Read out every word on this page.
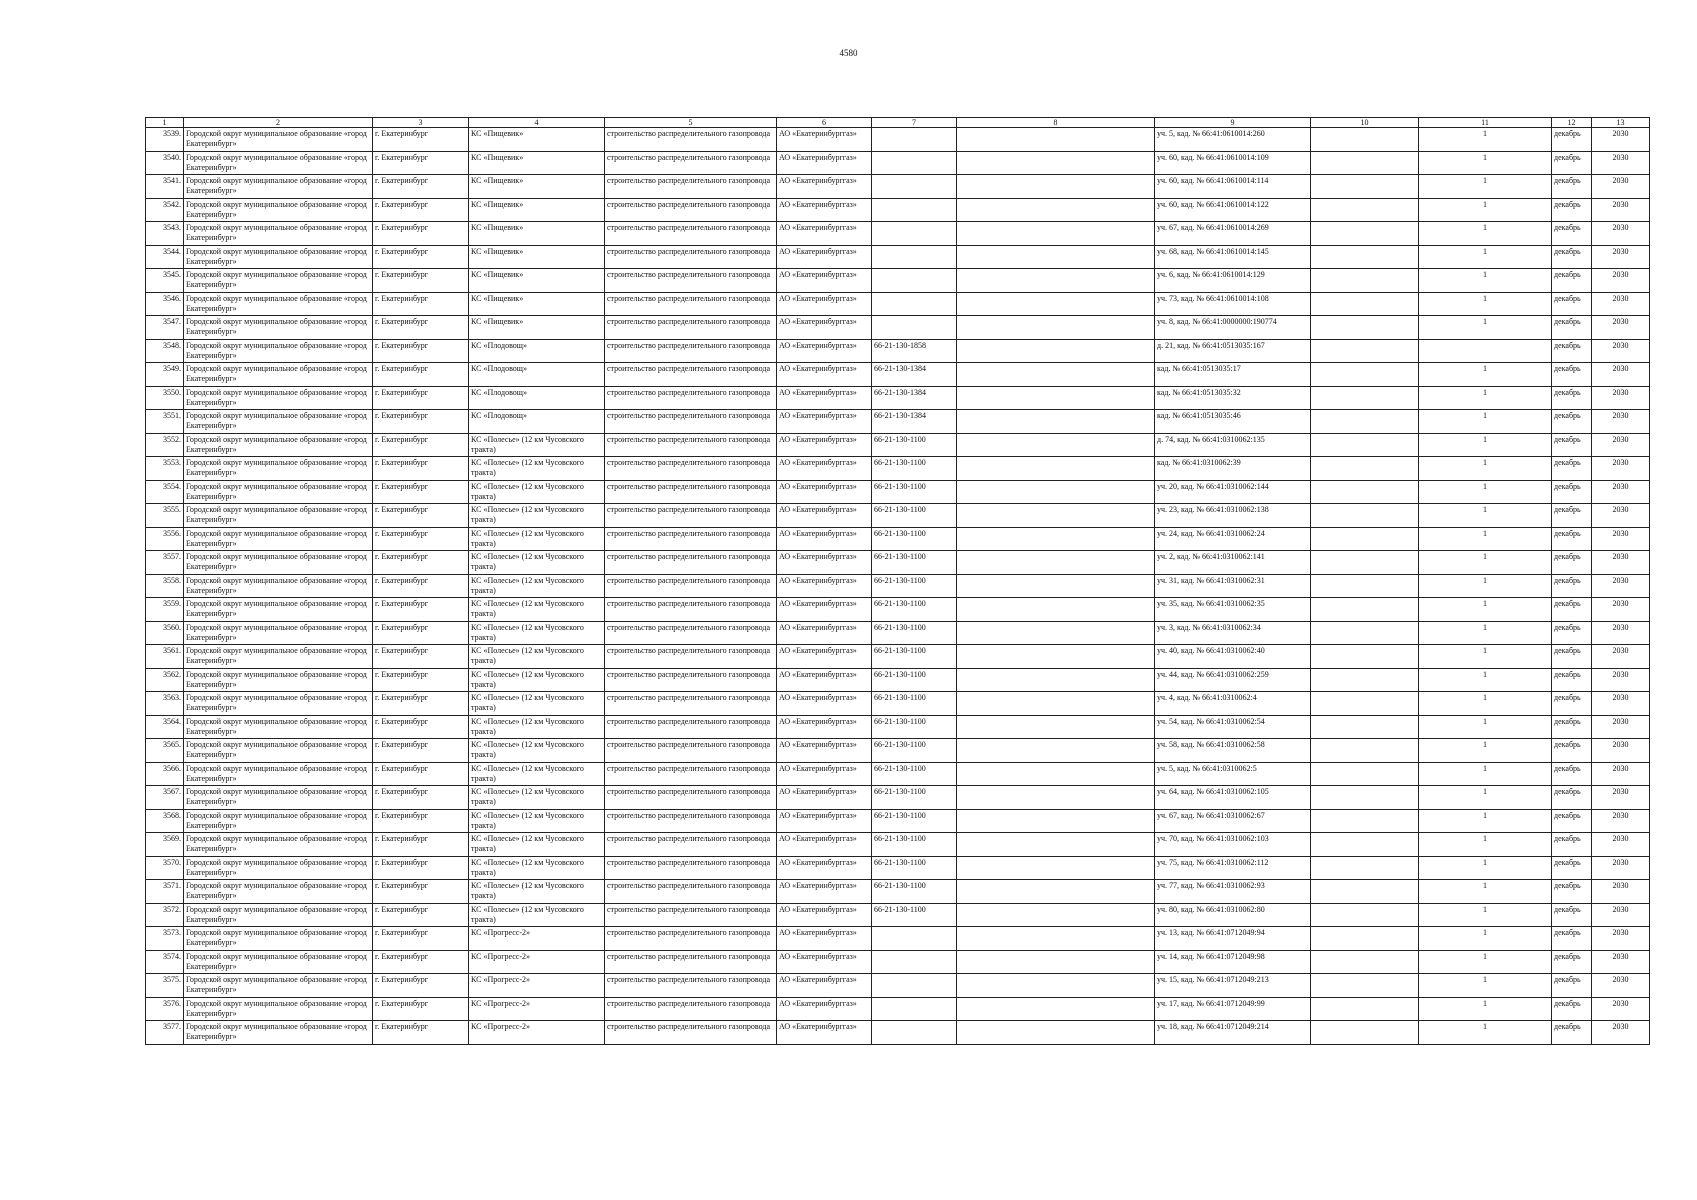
4580
1	2	3	4	5	6	7	8	9	10	11	12	13
3539.	Городской округ муниципальное образование «город Екатеринбург»	г. Екатеринбург	КС «Пищевик»	строительство распределительного газопровода	АО «Екатеринбурггаз»			уч. 5, кад. № 66:41:0610014:260		1	декабрь	2030
3540.	Городской округ муниципальное образование «город Екатеринбург»	г. Екатеринбург	КС «Пищевик»	строительство распределительного газопровода	АО «Екатеринбурггаз»			уч. 60, кад. № 66:41:0610014:109		1	декабрь	2030
3541.	Городской округ муниципальное образование «город Екатеринбург»	г. Екатеринбург	КС «Пищевик»	строительство распределительного газопровода	АО «Екатеринбурггаз»			уч. 60, кад. № 66:41:0610014:114		1	декабрь	2030
3542.	Городской округ муниципальное образование «город Екатеринбург»	г. Екатеринбург	КС «Пищевик»	строительство распределительного газопровода	АО «Екатеринбурггаз»			уч. 60, кад. № 66:41:0610014:122		1	декабрь	2030
3543.	Городской округ муниципальное образование «город Екатеринбург»	г. Екатеринбург	КС «Пищевик»	строительство распределительного газопровода	АО «Екатеринбурггаз»			уч. 67, кад. № 66:41:0610014:269		1	декабрь	2030
3544.	Городской округ муниципальное образование «город Екатеринбург»	г. Екатеринбург	КС «Пищевик»	строительство распределительного газопровода	АО «Екатеринбурггаз»			уч. 68, кад. № 66:41:0610014:145		1	декабрь	2030
3545.	Городской округ муниципальное образование «город Екатеринбург»	г. Екатеринбург	КС «Пищевик»	строительство распределительного газопровода	АО «Екатеринбурггаз»			уч. 6, кад. № 66:41:0610014:129		1	декабрь	2030
3546.	Городской округ муниципальное образование «город Екатеринбург»	г. Екатеринбург	КС «Пищевик»	строительство распределительного газопровода	АО «Екатеринбурггаз»			уч. 73, кад. № 66:41:0610014:108		1	декабрь	2030
3547.	Городской округ муниципальное образование «город Екатеринбург»	г. Екатеринбург	КС «Пищевик»	строительство распределительного газопровода	АО «Екатеринбурггаз»			уч. 8, кад. № 66:41:0000000:190774		1	декабрь	2030
3548.	Городской округ муниципальное образование «город Екатеринбург»	г. Екатеринбург	КС «Плодовощ»	строительство распределительного газопровода	АО «Екатеринбурггаз»	66-21-130-1858		д. 21, кад. № 66:41:0513035:167			декабрь	2030
3549.	Городской округ муниципальное образование «город Екатеринбург»	г. Екатеринбург	КС «Плодовощ»	строительство распределительного газопровода	АО «Екатеринбурггаз»	66-21-130-1384		кад. № 66:41:0513035:17		1	декабрь	2030
3550.	Городской округ муниципальное образование «город Екатеринбург»	г. Екатеринбург	КС «Плодовощ»	строительство распределительного газопровода	АО «Екатеринбурггаз»	66-21-130-1384		кад. № 66:41:0513035:32		1	декабрь	2030
3551.	Городской округ муниципальное образование «город Екатеринбург»	г. Екатеринбург	КС «Плодовощ»	строительство распределительного газопровода	АО «Екатеринбурггаз»	66-21-130-1384		кад. № 66:41:0513035:46		1	декабрь	2030
3552.	Городской округ муниципальное образование «город Екатеринбург»	г. Екатеринбург	КС «Полесье» (12 км Чусовского тракта)	строительство распределительного газопровода	АО «Екатеринбурггаз»	66-21-130-1100		д. 74, кад. № 66:41:0310062:135		1	декабрь	2030
3553.	Городской округ муниципальное образование «город Екатеринбург»	г. Екатеринбург	КС «Полесье» (12 км Чусовского тракта)	строительство распределительного газопровода	АО «Екатеринбурггаз»	66-21-130-1100		кад. № 66:41:0310062:39		1	декабрь	2030
3554.	Городской округ муниципальное образование «город Екатеринбург»	г. Екатеринбург	КС «Полесье» (12 км Чусовского тракта)	строительство распределительного газопровода	АО «Екатеринбурггаз»	66-21-130-1100		уч. 20, кад. № 66:41:0310062:144		1	декабрь	2030
3555.	Городской округ муниципальное образование «город Екатеринбург»	г. Екатеринбург	КС «Полесье» (12 км Чусовского тракта)	строительство распределительного газопровода	АО «Екатеринбурггаз»	66-21-130-1100		уч. 23, кад. № 66:41:0310062:138		1	декабрь	2030
3556.	Городской округ муниципальное образование «город Екатеринбург»	г. Екатеринбург	КС «Полесье» (12 км Чусовского тракта)	строительство распределительного газопровода	АО «Екатеринбурггаз»	66-21-130-1100		уч. 24, кад. № 66:41:0310062:24		1	декабрь	2030
3557.	Городской округ муниципальное образование «город Екатеринбург»	г. Екатеринбург	КС «Полесье» (12 км Чусовского тракта)	строительство распределительного газопровода	АО «Екатеринбурггаз»	66-21-130-1100		уч. 2, кад. № 66:41:0310062:141		1	декабрь	2030
3558.	Городской округ муниципальное образование «город Екатеринбург»	г. Екатеринбург	КС «Полесье» (12 км Чусовского тракта)	строительство распределительного газопровода	АО «Екатеринбурггаз»	66-21-130-1100		уч. 31, кад. № 66:41:0310062:31		1	декабрь	2030
3559.	Городской округ муниципальное образование «город Екатеринбург»	г. Екатеринбург	КС «Полесье» (12 км Чусовского тракта)	строительство распределительного газопровода	АО «Екатеринбурггаз»	66-21-130-1100		уч. 35, кад. № 66:41:0310062:35		1	декабрь	2030
3560.	Городской округ муниципальное образование «город Екатеринбург»	г. Екатеринбург	КС «Полесье» (12 км Чусовского тракта)	строительство распределительного газопровода	АО «Екатеринбурггаз»	66-21-130-1100		уч. 3, кад. № 66:41:0310062:34		1	декабрь	2030
3561.	Городской округ муниципальное образование «город Екатеринбург»	г. Екатеринбург	КС «Полесье» (12 км Чусовского тракта)	строительство распределительного газопровода	АО «Екатеринбурггаз»	66-21-130-1100		уч. 40, кад. № 66:41:0310062:40		1	декабрь	2030
3562.	Городской округ муниципальное образование «город Екатеринбург»	г. Екатеринбург	КС «Полесье» (12 км Чусовского тракта)	строительство распределительного газопровода	АО «Екатеринбурггаз»	66-21-130-1100		уч. 44, кад. № 66:41:0310062:259		1	декабрь	2030
3563.	Городской округ муниципальное образование «город Екатеринбург»	г. Екатеринбург	КС «Полесье» (12 км Чусовского тракта)	строительство распределительного газопровода	АО «Екатеринбурггаз»	66-21-130-1100		уч. 4, кад. № 66:41:0310062:4		1	декабрь	2030
3564.	Городской округ муниципальное образование «город Екатеринбург»	г. Екатеринбург	КС «Полесье» (12 км Чусовского тракта)	строительство распределительного газопровода	АО «Екатеринбурггаз»	66-21-130-1100		уч. 54, кад. № 66:41:0310062:54		1	декабрь	2030
3565.	Городской округ муниципальное образование «город Екатеринбург»	г. Екатеринбург	КС «Полесье» (12 км Чусовского тракта)	строительство распределительного газопровода	АО «Екатеринбурггаз»	66-21-130-1100		уч. 58, кад. № 66:41:0310062:58		1	декабрь	2030
3566.	Городской округ муниципальное образование «город Екатеринбург»	г. Екатеринбург	КС «Полесье» (12 км Чусовского тракта)	строительство распределительного газопровода	АО «Екатеринбурггаз»	66-21-130-1100		уч. 5, кад. № 66:41:0310062:5		1	декабрь	2030
3567.	Городской округ муниципальное образование «город Екатеринбург»	г. Екатеринбург	КС «Полесье» (12 км Чусовского тракта)	строительство распределительного газопровода	АО «Екатеринбурггаз»	66-21-130-1100		уч. 64, кад. № 66:41:0310062:105		1	декабрь	2030
3568.	Городской округ муниципальное образование «город Екатеринбург»	г. Екатеринбург	КС «Полесье» (12 км Чусовского тракта)	строительство распределительного газопровода	АО «Екатеринбурггаз»	66-21-130-1100		уч. 67, кад. № 66:41:0310062:67		1	декабрь	2030
3569.	Городской округ муниципальное образование «город Екатеринбург»	г. Екатеринбург	КС «Полесье» (12 км Чусовского тракта)	строительство распределительного газопровода	АО «Екатеринбурггаз»	66-21-130-1100		уч. 70, кад. № 66:41:0310062:103		1	декабрь	2030
3570.	Городской округ муниципальное образование «город Екатеринбург»	г. Екатеринбург	КС «Полесье» (12 км Чусовского тракта)	строительство распределительного газопровода	АО «Екатеринбурггаз»	66-21-130-1100		уч. 75, кад. № 66:41:0310062:112		1	декабрь	2030
3571.	Городской округ муниципальное образование «город Екатеринбург»	г. Екатеринбург	КС «Полесье» (12 км Чусовского тракта)	строительство распределительного газопровода	АО «Екатеринбурггаз»	66-21-130-1100		уч. 77, кад. № 66:41:0310062:93		1	декабрь	2030
3572.	Городской округ муниципальное образование «город Екатеринбург»	г. Екатеринбург	КС «Полесье» (12 км Чусовского тракта)	строительство распределительного газопровода	АО «Екатеринбурггаз»	66-21-130-1100		уч. 80, кад. № 66:41:0310062:80		1	декабрь	2030
3573.	Городской округ муниципальное образование «город Екатеринбург»	г. Екатеринбург	КС «Прогресс-2»	строительство распределительного газопровода	АО «Екатеринбурггаз»			уч. 13, кад. № 66:41:0712049:94		1	декабрь	2030
3574.	Городской округ муниципальное образование «город Екатеринбург»	г. Екатеринбург	КС «Прогресс-2»	строительство распределительного газопровода	АО «Екатеринбурггаз»			уч. 14, кад. № 66:41:0712049:98		1	декабрь	2030
3575.	Городской округ муниципальное образование «город Екатеринбург»	г. Екатеринбург	КС «Прогресс-2»	строительство распределительного газопровода	АО «Екатеринбурггаз»			уч. 15, кад. № 66:41:0712049:213		1	декабрь	2030
3576.	Городской округ муниципальное образование «город Екатеринбург»	г. Екатеринбург	КС «Прогресс-2»	строительство распределительного газопровода	АО «Екатеринбурггаз»			уч. 17, кад. № 66:41:0712049:99		1	декабрь	2030
3577.	Городской округ муниципальное образование «город Екатеринбург»	г. Екатеринбург	КС «Прогресс-2»	строительство распределительного газопровода	АО «Екатеринбурггаз»			уч. 18, кад. № 66:41:0712049:214		1	декабрь	2030
